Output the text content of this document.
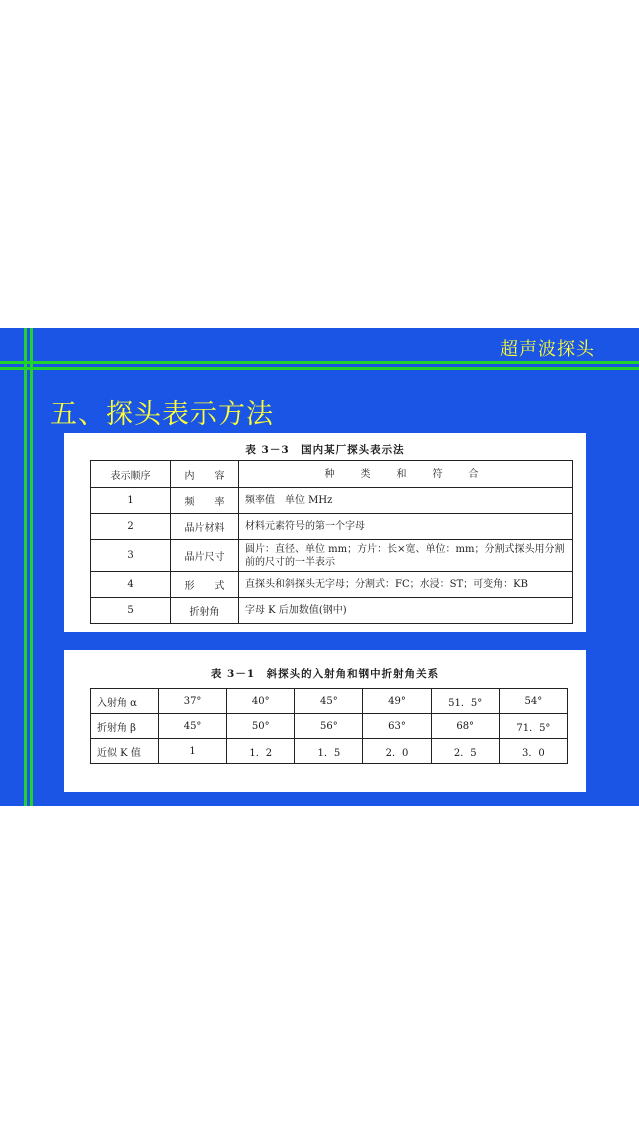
超声波探头
五、探头表示方法
表 3－3　国内某厂探头表示法
表示顺序	内　　容	种　类　和　符　合
1	频　　率	频率值　单位 MHz
2	晶片材料	材料元素符号的第一个字母
3	晶片尺寸	圆片：直径、单位 mm；方片：长×宽、单位：mm；分割式探头用分割前的尺寸的一半表示
4	形　　式	直探头和斜探头无字母；分割式：FC；水浸：ST；可变角：KB
5	折射角	字母 K 后加数值(钢中)
表 3－1　斜探头的入射角和钢中折射角关系
入射角 α	37°	40°	45°	49°	51．5°	54°
折射角 β	45°	50°	56°	63°	68°	71．5°
近似 K 值	1	1．2	1．5	2．0	2．5	3．0
